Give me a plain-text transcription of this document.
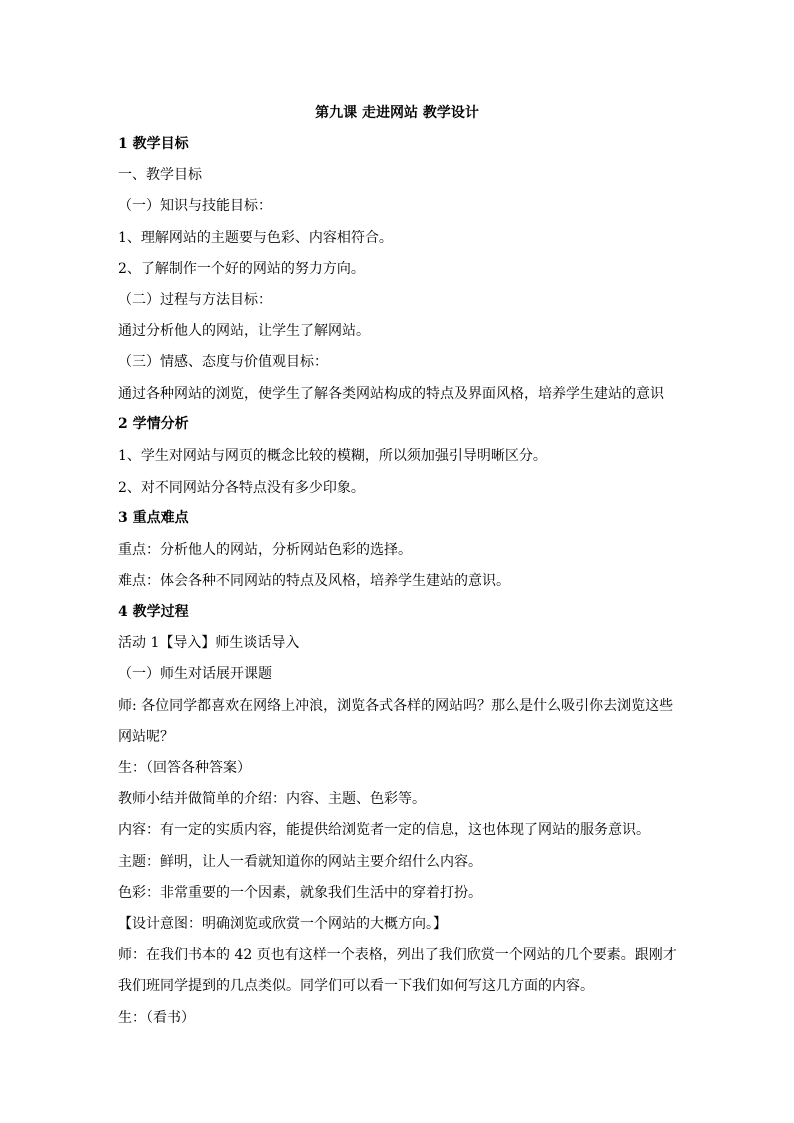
第九课 走进网站 教学设计
1 教学目标
一、教学目标
（一）知识与技能目标：
1、理解网站的主题要与色彩、内容相符合。
2、了解制作一个好的网站的努力方向。
（二）过程与方法目标：
通过分析他人的网站，让学生了解网站。
（三）情感、态度与价值观目标：
通过各种网站的浏览，使学生了解各类网站构成的特点及界面风格，培养学生建站的意识
2 学情分析
1、学生对网站与网页的概念比较的模糊，所以须加强引导明晰区分。
2、对不同网站分各特点没有多少印象。
3 重点难点
重点：分析他人的网站，分析网站色彩的选择。
难点：体会各种不同网站的特点及风格，培养学生建站的意识。
4 教学过程
活动 1【导入】师生谈话导入
（一）师生对话展开课题
师: 各位同学都喜欢在网络上冲浪，浏览各式各样的网站吗？那么是什么吸引你去浏览这些
网站呢？
生：（回答各种答案）
教师小结并做简单的介绍：内容、主题、色彩等。
内容：有一定的实质内容，能提供给浏览者一定的信息，这也体现了网站的服务意识。
主题：鲜明，让人一看就知道你的网站主要介绍什么内容。
色彩：非常重要的一个因素，就象我们生活中的穿着打扮。
【设计意图：明确浏览或欣赏一个网站的大概方向。】
师：在我们书本的 42 页也有这样一个表格，列出了我们欣赏一个网站的几个要素。跟刚才
我们班同学提到的几点类似。同学们可以看一下我们如何写这几方面的内容。
生：（看书）
